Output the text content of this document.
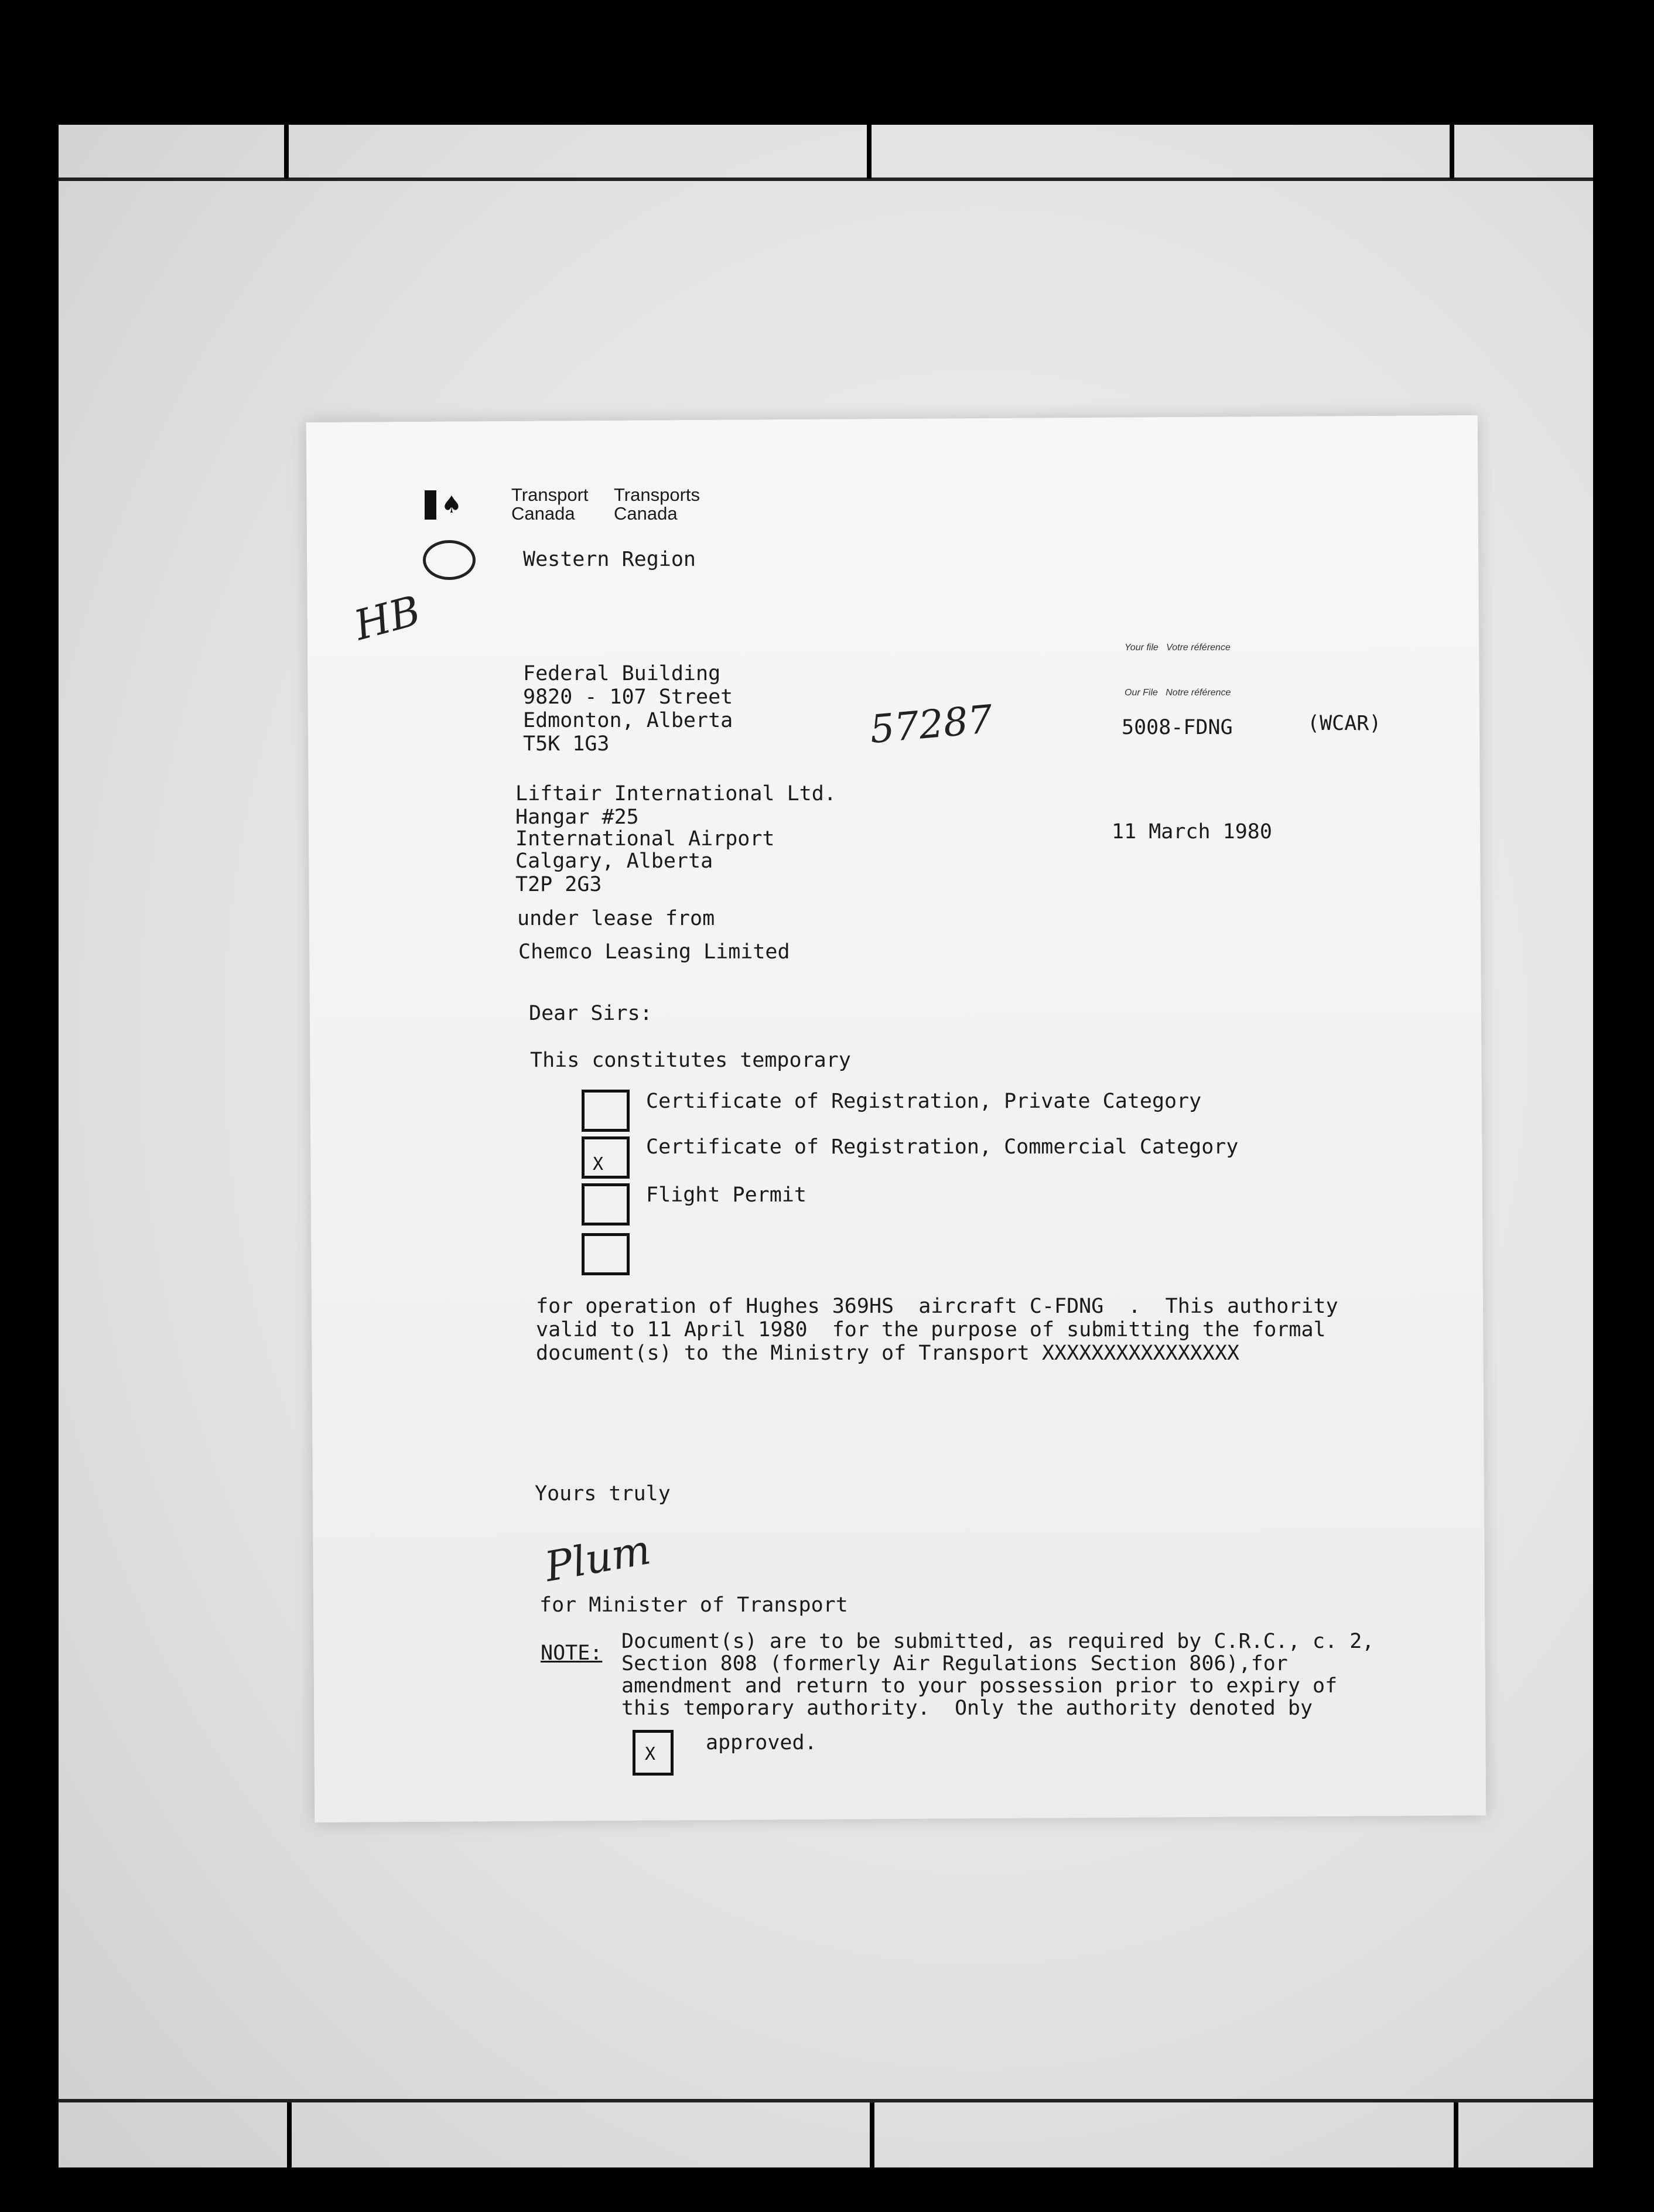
♠	Transport
Canada
Transports
Canada
Western Region
HB
57287
Federal Building
9820 - 107 Street
Edmonton, Alberta
T5K 1G3
Your file   Votre référence
Our File   Notre référence
5008-FDNG	(WCAR)
Liftair International Ltd.
Hangar #25
International Airport
Calgary, Alberta
T2P 2G3
11 March 1980
under lease from
Chemco Leasing Limited
Dear Sirs:
This constitutes temporary
Certificate of Registration, Private Category
X
Certificate of Registration, Commercial Category
Flight Permit
for operation of Hughes 369HS  aircraft C-FDNG  .  This authority
valid to 11 April 1980  for the purpose of submitting the formal
document(s) to the Ministry of Transport XXXXXXXXXXXXXXXX
Yours truly
Plum
for Minister of Transport
NOTE: Document(s) are to be submitted, as required by C.R.C., c. 2,
Section 808 (formerly Air Regulations Section 806),for
amendment and return to your possession prior to expiry of
this temporary authority.  Only the authority denoted by
X approved.
